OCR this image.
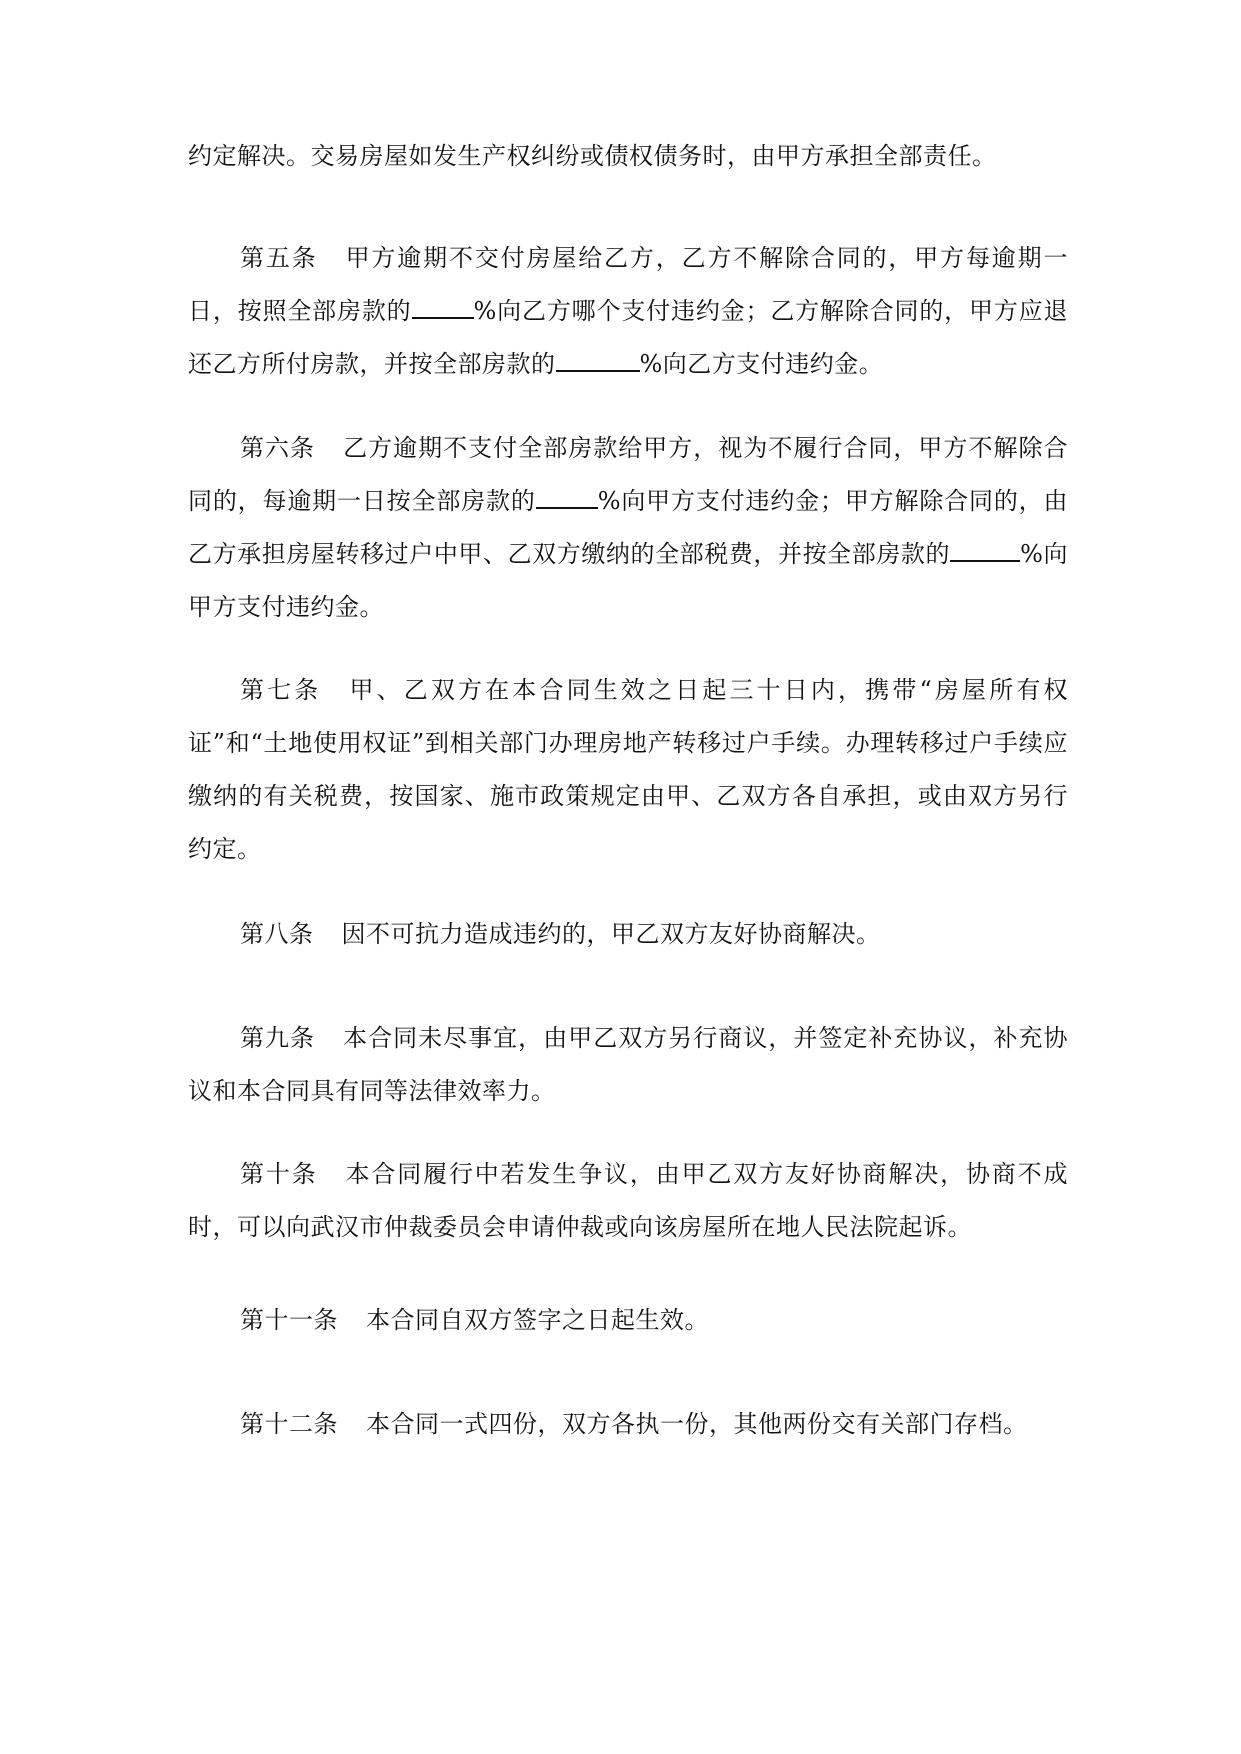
约定解决。交易房屋如发生产权纠纷或债权债务时，由甲方承担全部责任。

第五条 甲方逾期不交付房屋给乙方，乙方不解除合同的，甲方每逾期一日，按照全部房款的	%向乙方哪个支付违约金；乙方解除合同的，甲方应退还乙方所付房款，并按全部房款的	%向乙方支付违约金。

第六条 乙方逾期不支付全部房款给甲方，视为不履行合同，甲方不解除合同的，每逾期一日按全部房款的	%向甲方支付违约金；甲方解除合同的，由乙方承担房屋转移过户中甲、乙双方缴纳的全部税费，并按全部房款的	%向甲方支付违约金。

第七条 甲、乙双方在本合同生效之日起三十日内，携带“房屋所有权证”和“土地使用权证”到相关部门办理房地产转移过户手续。办理转移过户手续应缴纳的有关税费，按国家、施市政策规定由甲、乙双方各自承担，或由双方另行约定。

第八条 因不可抗力造成违约的，甲乙双方友好协商解决。

第九条 本合同未尽事宜，由甲乙双方另行商议，并签定补充协议，补充协议和本合同具有同等法律效率力。

第十条 本合同履行中若发生争议，由甲乙双方友好协商解决，协商不成时，可以向武汉市仲裁委员会申请仲裁或向该房屋所在地人民法院起诉。

第十一条 本合同自双方签字之日起生效。

第十二条 本合同一式四份，双方各执一份，其他两份交有关部门存档。
